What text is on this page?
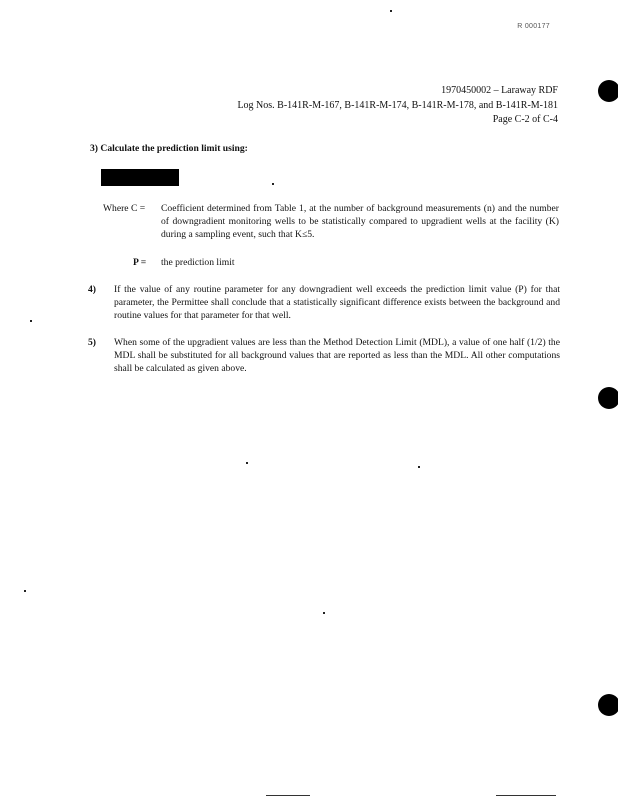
R 000177
1970450002 – Laraway RDF
Log Nos. B-141R-M-167, B-141R-M-174, B-141R-M-178, and B-141R-M-181
Page C-2 of C-4
3) Calculate the prediction limit using:
Where C = Coefficient determined from Table 1, at the number of background measurements (n) and the number of downgradient monitoring wells to be statistically compared to upgradient wells at the facility (K) during a sampling event, such that K≤5.
P = the prediction limit
4) If the value of any routine parameter for any downgradient well exceeds the prediction limit value (P) for that parameter, the Permittee shall conclude that a statistically significant difference exists between the background and routine values for that parameter for that well.
5) When some of the upgradient values are less than the Method Detection Limit (MDL), a value of one half (1/2) the MDL shall be substituted for all background values that are reported as less than the MDL. All other computations shall be calculated as given above.
